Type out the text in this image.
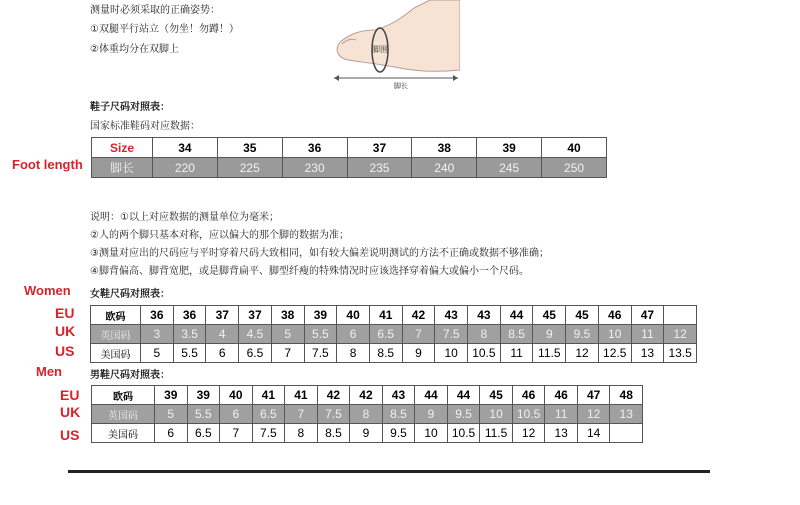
测量时必须采取的正确姿势：
①双腿平行站立（勿坐！勿蹲！）
②体重均分在双脚上	脚围
脚长
鞋子尺码对照表：
国家标准鞋码对应数据：
Foot length
Size	34	35	36	37	38	39	40
脚长	220	225	230	235	240	245	250
说明：①以上对应数据的测量单位为毫米；
②人的两个脚只基本对称，应以偏大的那个脚的数据为准；
③测量对应出的尺码应与平时穿着尺码大致相同，如有较大偏差说明测试的方法不正确或数据不够准确；
④脚背偏高、脚背宽肥，或是脚背扁平、脚型纤瘦的特殊情况时应该选择穿着偏大或偏小一个尺码。
Women 女鞋尺码对照表：
EU
UK
US
欧码	36	36	37	37	38	39	40	41	42	43	43	44	45	45	46	47	
英国码	3	3.5	4	4.5	5	5.5	6	6.5	7	7.5	8	8.5	9	9.5	10	11	12
美国码	5	5.5	6	6.5	7	7.5	8	8.5	9	10	10.5	11	11.5	12	12.5	13	13.5
Men	男鞋尺码对照表：
EU
UK
US
欧码	39	39	40	41	41	42	42	43	44	44	45	46	46	47	48
英国码	5	5.5	6	6.5	7	7.5	8	8.5	9	9.5	10	10.5	11	12	13
美国码	6	6.5	7	7.5	8	8.5	9	9.5	10	10.5	11.5	12	13	14	
